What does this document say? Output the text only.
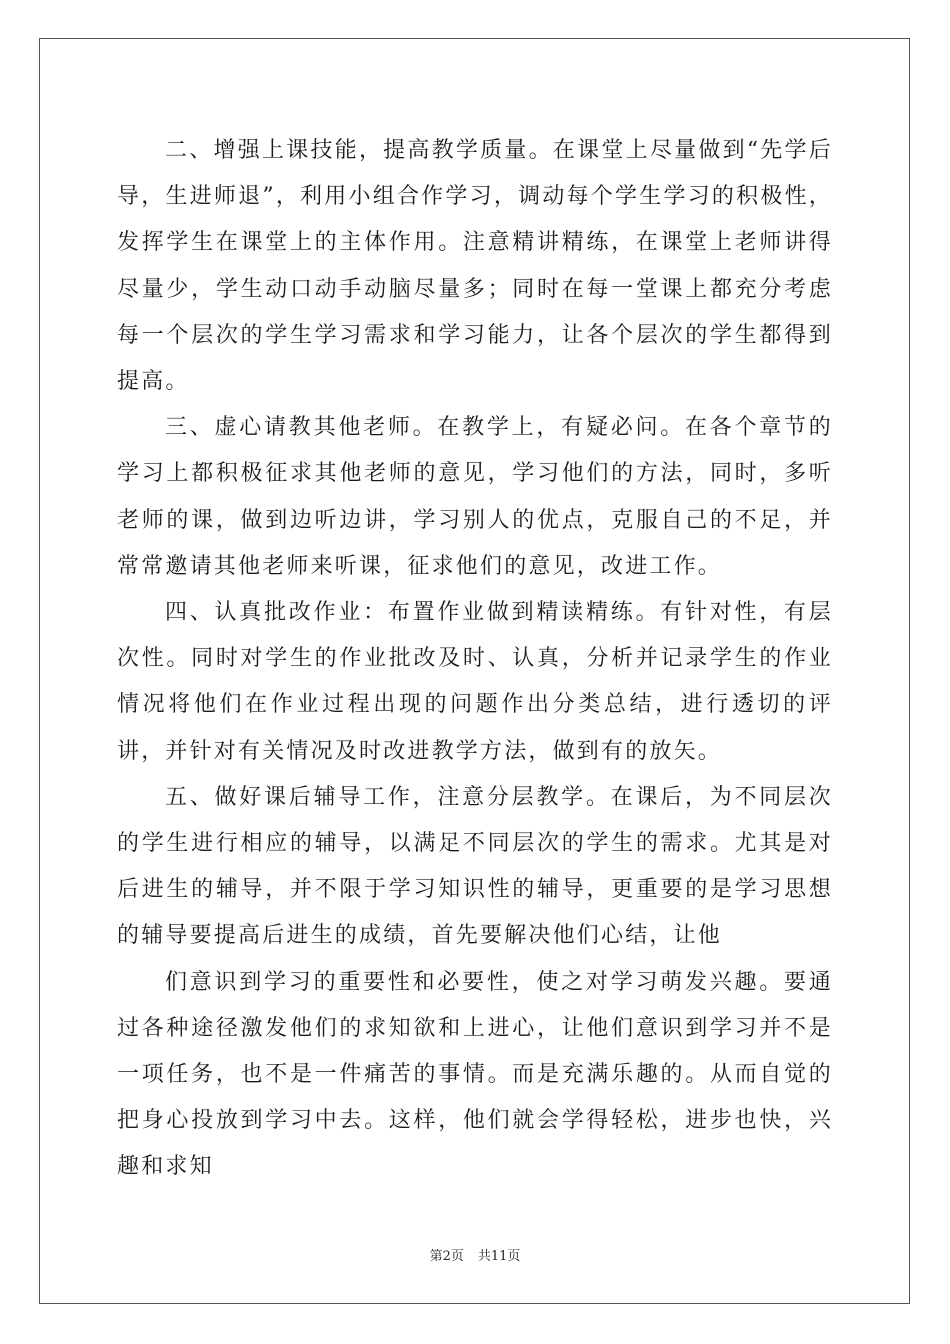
二、增强上课技能，提高教学质量。在课堂上尽量做到“先学后导，生进师退”，利用小组合作学习，调动每个学生学习的积极性，发挥学生在课堂上的主体作用。注意精讲精练，在课堂上老师讲得尽量少，学生动口动手动脑尽量多；同时在每一堂课上都充分考虑每一个层次的学生学习需求和学习能力，让各个层次的学生都得到提高。

三、虚心请教其他老师。在教学上，有疑必问。在各个章节的学习上都积极征求其他老师的意见，学习他们的方法，同时，多听老师的课，做到边听边讲，学习别人的优点，克服自己的不足，并常常邀请其他老师来听课，征求他们的意见，改进工作。

四、认真批改作业：布置作业做到精读精练。有针对性，有层次性。同时对学生的作业批改及时、认真，分析并记录学生的作业情况将他们在作业过程出现的问题作出分类总结，进行透切的评讲，并针对有关情况及时改进教学方法，做到有的放矢。

五、做好课后辅导工作，注意分层教学。在课后，为不同层次的学生进行相应的辅导，以满足不同层次的学生的需求。尤其是对后进生的辅导，并不限于学习知识性的辅导，更重要的是学习思想的辅导要提高后进生的成绩，首先要解决他们心结，让他

们意识到学习的重要性和必要性，使之对学习萌发兴趣。要通过各种途径激发他们的求知欲和上进心，让他们意识到学习并不是一项任务，也不是一件痛苦的事情。而是充满乐趣的。从而自觉的把身心投放到学习中去。这样，他们就会学得轻松，进步也快，兴趣和求知

第2页 共11页
